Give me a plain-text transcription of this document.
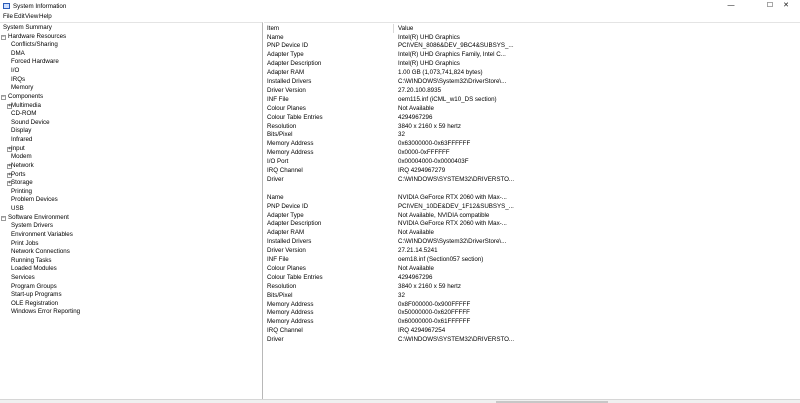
System Information	—	☐	✕
File Edit View Help
System Summary
− Hardware Resources
Conflicts/Sharing
DMA
Forced Hardware
I/O
IRQs
Memory
− Components
+ Multimedia
CD-ROM
Sound Device
Display
Infrared
+ Input
Modem
+ Network
+ Ports
+ Storage
Printing
Problem Devices
USB
− Software Environment
System Drivers
Environment Variables
Print Jobs
Network Connections
Running Tasks
Loaded Modules
Services
Program Groups
Start-up Programs
OLE Registration
Windows Error Reporting
Item	Value
Name	Intel(R) UHD Graphics
PNP Device ID	PCI\VEN_8086&DEV_9BC4&SUBSYS_...
Adapter Type	Intel(R) UHD Graphics Family, Intel C...
Adapter Description	Intel(R) UHD Graphics
Adapter RAM	1.00 GB (1,073,741,824 bytes)
Installed Drivers	C:\WINDOWS\System32\DriverStore\...
Driver Version	27.20.100.8935
INF File	oem115.inf (iCML_w10_DS section)
Colour Planes	Not Available
Colour Table Entries	4294967296
Resolution	3840 x 2160 x 59 hertz
Bits/Pixel	32
Memory Address	0x63000000-0x63FFFFFF
Memory Address	0x0000-0xFFFFFF
I/O Port	0x00004000-0x0000403F
IRQ Channel	IRQ 4294967279
Driver	C:\WINDOWS\SYSTEM32\DRIVERSTO...
Name	NVIDIA GeForce RTX 2060 with Max-...
PNP Device ID	PCI\VEN_10DE&DEV_1F12&SUBSYS_...
Adapter Type	Not Available, NVIDIA compatible
Adapter Description	NVIDIA GeForce RTX 2060 with Max-...
Adapter RAM	Not Available
Installed Drivers	C:\WINDOWS\System32\DriverStore\...
Driver Version	27.21.14.5241
INF File	oem18.inf (Section057 section)
Colour Planes	Not Available
Colour Table Entries	4294967296
Resolution	3840 x 2160 x 59 hertz
Bits/Pixel	32
Memory Address	0x8F000000-0x900FFFFF
Memory Address	0x50000000-0x620FFFFF
Memory Address	0x60000000-0x61FFFFFF
IRQ Channel	IRQ 4294967254
Driver	C:\WINDOWS\SYSTEM32\DRIVERSTO...
